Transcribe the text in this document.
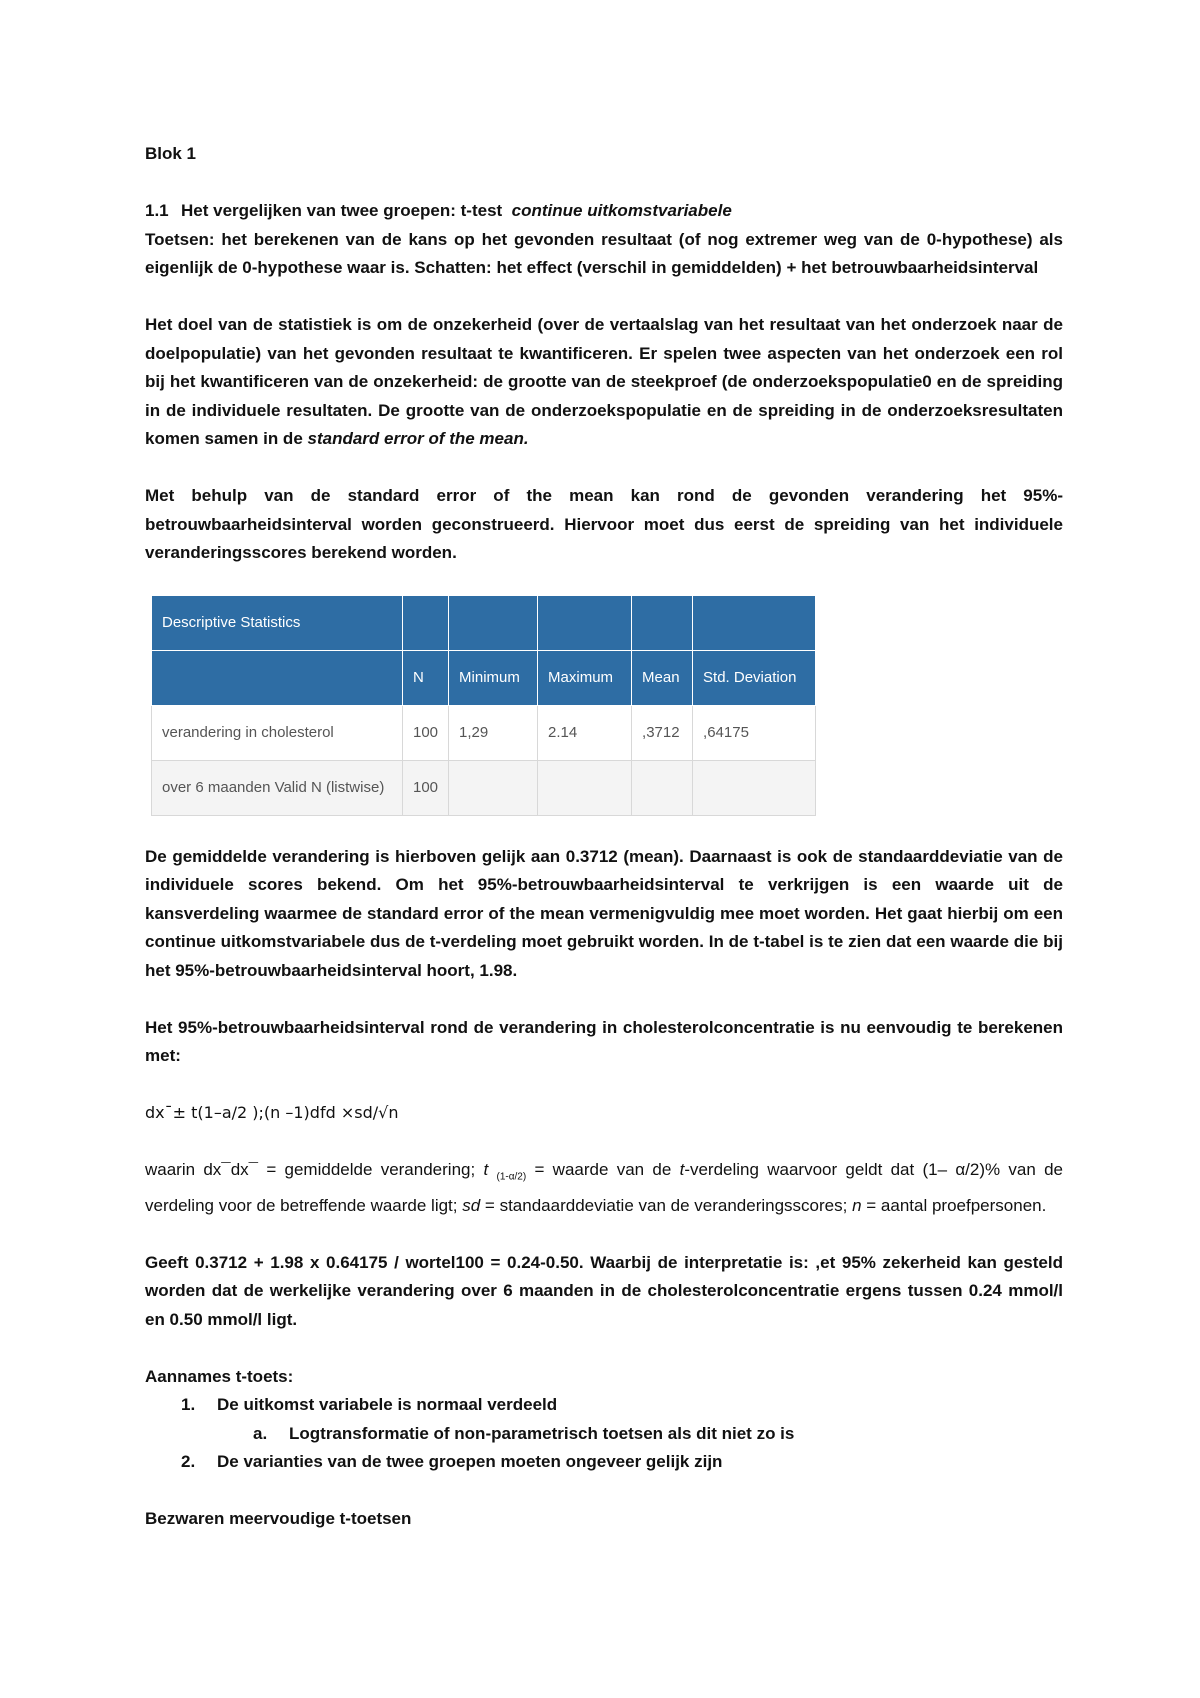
Blok 1

1.1 Het vergelijken van twee groepen: t-test continue uitkomstvariabele

Toetsen: het berekenen van de kans op het gevonden resultaat (of nog extremer weg van de 0-hypothese) als eigenlijk de 0-hypothese waar is. Schatten: het effect (verschil in gemiddelden) + het betrouwbaarheidsinterval

Het doel van de statistiek is om de onzekerheid (over de vertaalslag van het resultaat van het onderzoek naar de doelpopulatie) van het gevonden resultaat te kwantificeren. Er spelen twee aspecten van het onderzoek een rol bij het kwantificeren van de onzekerheid: de grootte van de steekproef (de onderzoekspopulatie0 en de spreiding in de individuele resultaten. De grootte van de onderzoekspopulatie en de spreiding in de onderzoeksresultaten komen samen in de standard error of the mean.

Met behulp van de standard error of the mean kan rond de gevonden verandering het 95%-betrouwbaarheidsinterval worden geconstrueerd. Hiervoor moet dus eerst de spreiding van het individuele veranderingsscores berekend worden.

Descriptive Statistics					
	N	Minimum	Maximum	Mean	Std. Deviation
verandering in cholesterol	100	1,29	2.14	,3712	,64175
over 6 maanden Valid N (listwise)	100				

De gemiddelde verandering is hierboven gelijk aan 0.3712 (mean). Daarnaast is ook de standaarddeviatie van de individuele scores bekend. Om het 95%-betrouwbaarheidsinterval te verkrijgen is een waarde uit de kansverdeling waarmee de standard error of the mean vermenigvuldig mee moet worden. Het gaat hierbij om een continue uitkomstvariabele dus de t-verdeling moet gebruikt worden. In de t-tabel is te zien dat een waarde die bij het 95%-betrouwbaarheidsinterval hoort, 1.98.

Het 95%-betrouwbaarheidsinterval rond de verandering in cholesterolconcentratie is nu eenvoudig te berekenen met:

dx¯± t(1–a/2 );(n –1)dfd ×sd/√n

waarin dx¯dx¯ = gemiddelde verandering; t $_{(1-\alpha/2)}$ = waarde van de t-verdeling waarvoor geldt dat (1– α/2)% van de verdeling voor de betreffende waarde ligt; sd = standaarddeviatie van de veranderingsscores; n = aantal proefpersonen.

Geeft 0.3712 + 1.98 x 0.64175 / wortel100 = 0.24-0.50. Waarbij de interpretatie is: ,et 95% zekerheid kan gesteld worden dat de werkelijke verandering over 6 maanden in de cholesterolconcentratie ergens tussen 0.24 mmol/l en 0.50 mmol/l ligt.

Aannames t-toets:

1. De uitkomst variabele is normaal verdeeld
a. Logtransformatie of non-parametrisch toetsen als dit niet zo is
2. De varianties van de twee groepen moeten ongeveer gelijk zijn

Bezwaren meervoudige t-toetsen
